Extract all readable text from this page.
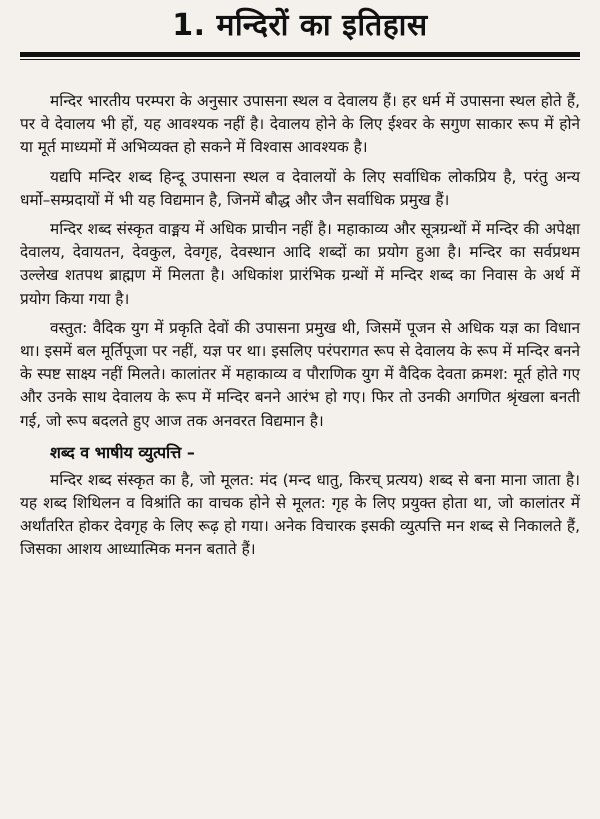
1. मन्दिरों का इतिहास

मन्दिर भारतीय परम्परा के अनुसार उपासना स्थल व देवालय हैं। हर धर्म में उपासना स्थल होते हैं, पर वे देवालय भी हों, यह आवश्यक नहीं है। देवालय होने के लिए ईश्वर के सगुण साकार रूप में होने या मूर्त माध्यमों में अभिव्यक्त हो सकने में विश्वास आवश्यक है।

यद्यपि मन्दिर शब्द हिन्दू उपासना स्थल व देवालयों के लिए सर्वाधिक लोकप्रिय है, परंतु अन्य धर्मो–सम्प्रदायों में भी यह विद्यमान है, जिनमें बौद्ध और जैन सर्वाधिक प्रमुख हैं।

मन्दिर शब्द संस्कृत वाङ्मय में अधिक प्राचीन नहीं है। महाकाव्य और सूत्रग्रन्थों में मन्दिर की अपेक्षा देवालय, देवायतन, देवकुल, देवगृह, देवस्थान आदि शब्दों का प्रयोग हुआ है। मन्दिर का सर्वप्रथम उल्लेख शतपथ ब्राह्मण में मिलता है। अधिकांश प्रारंभिक ग्रन्थों में मन्दिर शब्द का निवास के अर्थ में प्रयोग किया गया है।

वस्तुत: वैदिक युग में प्रकृति देवों की उपासना प्रमुख थी, जिसमें पूजन से अधिक यज्ञ का विधान था। इसमें बल मूर्तिपूजा पर नहीं, यज्ञ पर था। इसलिए परंपरागत रूप से देवालय के रूप में मन्दिर बनने के स्पष्ट साक्ष्य नहीं मिलते। कालांतर में महाकाव्य व पौराणिक युग में वैदिक देवता क्रमश: मूर्त होते गए और उनके साथ देवालय के रूप में मन्दिर बनने आरंभ हो गए। फिर तो उनकी अगणित श्रृंखला बनती गई, जो रूप बदलते हुए आज तक अनवरत विद्यमान है।

शब्द व भाषीय व्युत्पत्ति –

मन्दिर शब्द संस्कृत का है, जो मूलत: मंद (मन्द धातु, किरच् प्रत्यय) शब्द से बना माना जाता है। यह शब्द शिथिलन व विश्रांति का वाचक होने से मूलत: गृह के लिए प्रयुक्त होता था, जो कालांतर में अर्थांतरित होकर देवगृह के लिए रूढ़ हो गया। अनेक विचारक इसकी व्युत्पत्ति मन शब्द से निकालते हैं, जिसका आशय आध्यात्मिक मनन बताते हैं।
